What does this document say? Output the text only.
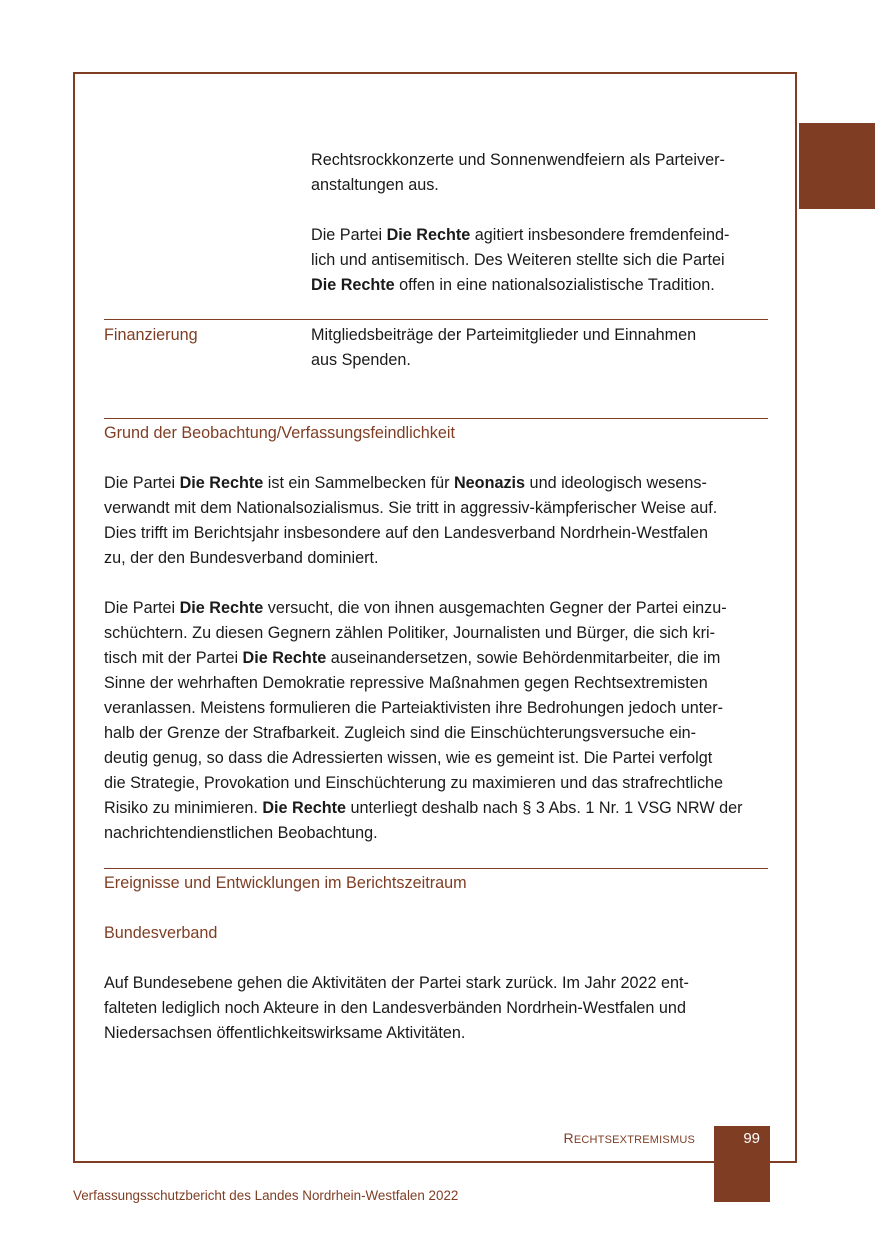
Rechtsrockkonzerte und Sonnenwendfeiern als Parteiver-
anstaltungen aus.

Die Partei Die Rechte agitiert insbesondere fremdenfeind-
lich und antisemitisch. Des Weiteren stellte sich die Partei
Die Rechte offen in eine nationalsozialistische Tradition.

Finanzierung	Mitgliedsbeiträge der Parteimitglieder und Einnahmen
aus Spenden.

Grund der Beobachtung/Verfassungsfeindlichkeit

Die Partei Die Rechte ist ein Sammelbecken für Neonazis und ideologisch wesens-
verwandt mit dem Nationalsozialismus. Sie tritt in aggressiv-kämpferischer Weise auf.
Dies trifft im Berichtsjahr insbesondere auf den Landesverband Nordrhein-Westfalen
zu, der den Bundesverband dominiert.

Die Partei Die Rechte versucht, die von ihnen ausgemachten Gegner der Partei einzu-
schüchtern. Zu diesen Gegnern zählen Politiker, Journalisten und Bürger, die sich kri-
tisch mit der Partei Die Rechte auseinandersetzen, sowie Behördenmitarbeiter, die im
Sinne der wehrhaften Demokratie repressive Maßnahmen gegen Rechtsextremisten
veranlassen. Meistens formulieren die Parteiaktivisten ihre Bedrohungen jedoch unter-
halb der Grenze der Strafbarkeit. Zugleich sind die Einschüchterungsversuche ein-
deutig genug, so dass die Adressierten wissen, wie es gemeint ist. Die Partei verfolgt
die Strategie, Provokation und Einschüchterung zu maximieren und das strafrechtliche
Risiko zu minimieren. Die Rechte unterliegt deshalb nach § 3 Abs. 1 Nr. 1 VSG NRW der
nachrichtendienstlichen Beobachtung.

Ereignisse und Entwicklungen im Berichtszeitraum
Bundesverband

Auf Bundesebene gehen die Aktivitäten der Partei stark zurück. Im Jahr 2022 ent-
falteten lediglich noch Akteure in den Landesverbänden Nordrhein-Westfalen und
Niedersachsen öffentlichkeitswirksame Aktivitäten.

RECHTSEXTREMISMUS	99
Verfassungsschutzbericht des Landes Nordrhein-Westfalen 2022
